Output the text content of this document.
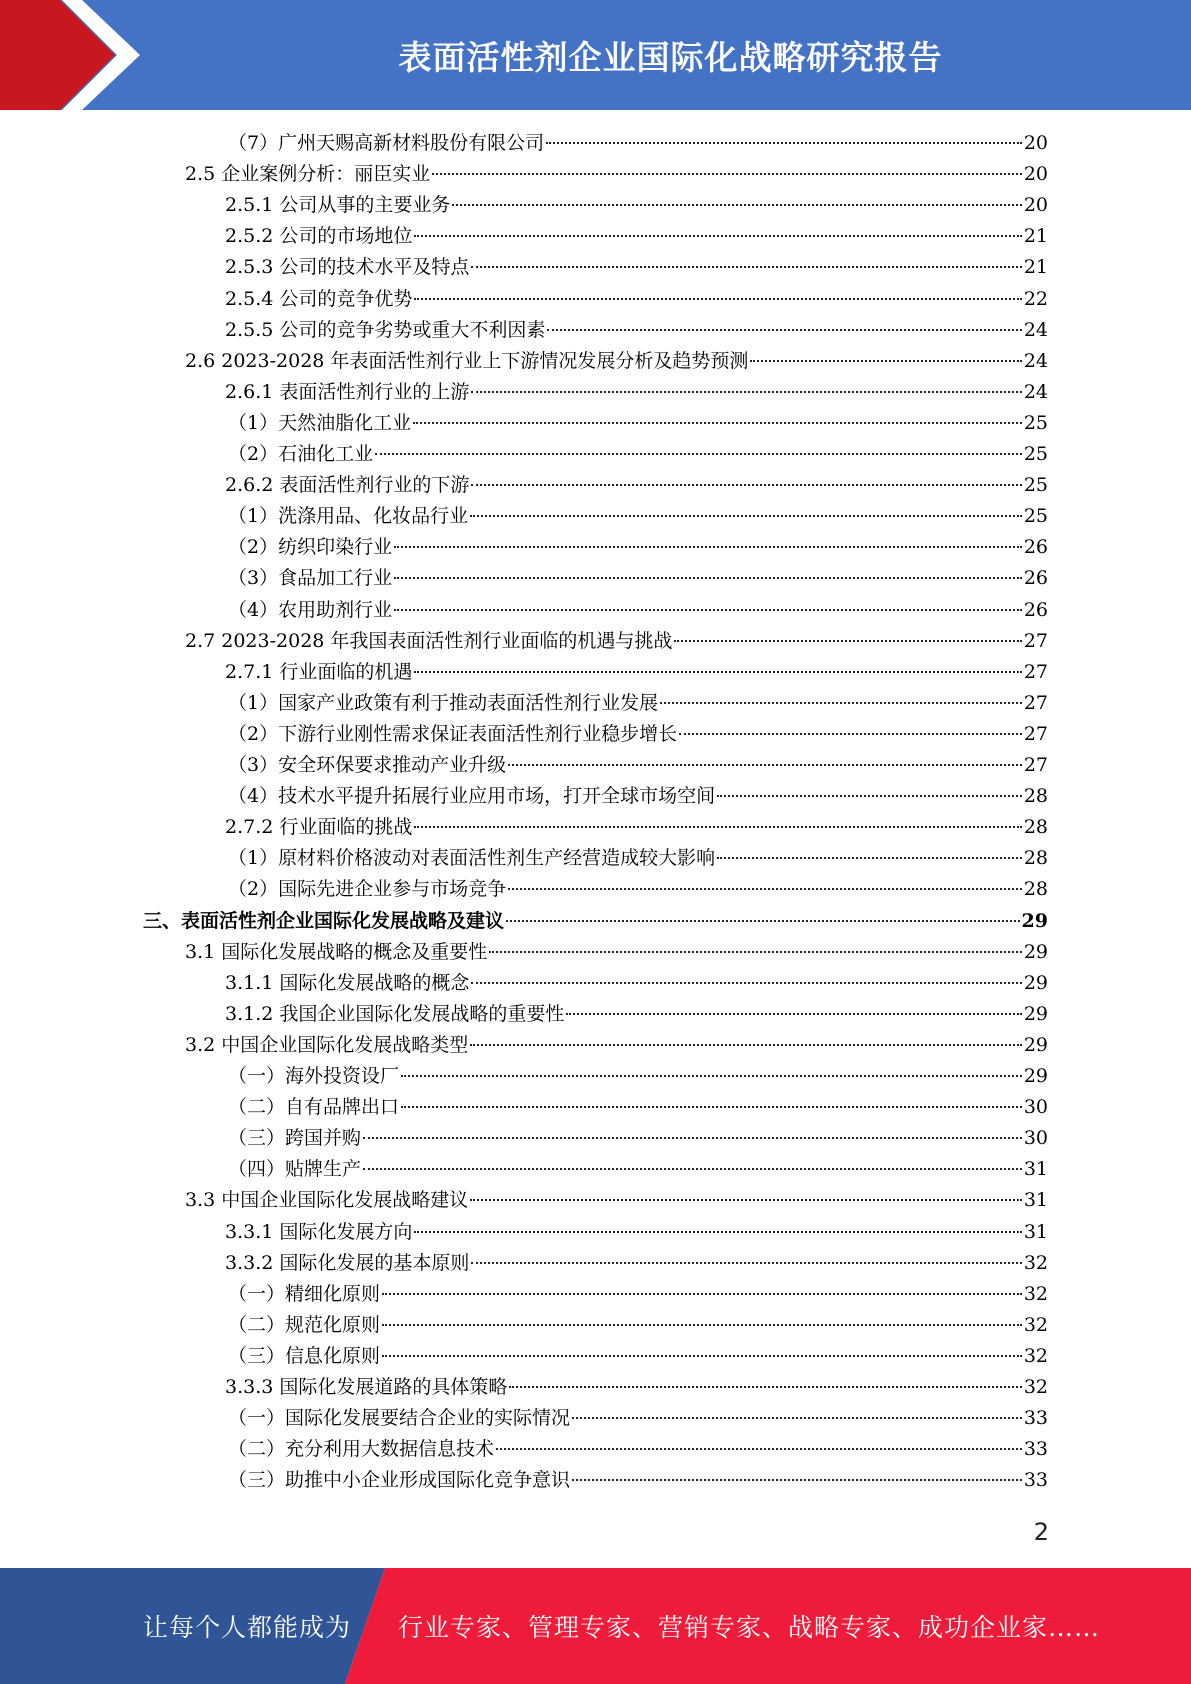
表面活性剂企业国际化战略研究报告
（7）广州天赐高新材料股份有限公司	20
2.5 企业案例分析：丽臣实业	20
2.5.1 公司从事的主要业务	20
2.5.2 公司的市场地位	21
2.5.3 公司的技术水平及特点	21
2.5.4 公司的竞争优势	22
2.5.5 公司的竞争劣势或重大不利因素	24
2.6 2023-2028 年表面活性剂行业上下游情况发展分析及趋势预测	24
2.6.1 表面活性剂行业的上游	24
（1）天然油脂化工业	25
（2）石油化工业	25
2.6.2 表面活性剂行业的下游	25
（1）洗涤用品、化妆品行业	25
（2）纺织印染行业	26
（3）食品加工行业	26
（4）农用助剂行业	26
2.7 2023-2028 年我国表面活性剂行业面临的机遇与挑战	27
2.7.1 行业面临的机遇	27
（1）国家产业政策有利于推动表面活性剂行业发展	27
（2）下游行业刚性需求保证表面活性剂行业稳步增长	27
（3）安全环保要求推动产业升级	27
（4）技术水平提升拓展行业应用市场，打开全球市场空间	28
2.7.2 行业面临的挑战	28
（1）原材料价格波动对表面活性剂生产经营造成较大影响	28
（2）国际先进企业参与市场竞争	28
三、表面活性剂企业国际化发展战略及建议	29
3.1 国际化发展战略的概念及重要性	29
3.1.1 国际化发展战略的概念	29
3.1.2 我国企业国际化发展战略的重要性	29
3.2 中国企业国际化发展战略类型	29
（一）海外投资设厂	29
（二）自有品牌出口	30
（三）跨国并购	30
（四）贴牌生产	31
3.3 中国企业国际化发展战略建议	31
3.3.1 国际化发展方向	31
3.3.2 国际化发展的基本原则	32
（一）精细化原则	32
（二）规范化原则	32
（三）信息化原则	32
3.3.3 国际化发展道路的具体策略	32
（一）国际化发展要结合企业的实际情况	33
（二）充分利用大数据信息技术	33
（三）助推中小企业形成国际化竞争意识	33
2
让每个人都能成为 行业专家、管理专家、营销专家、战略专家、成功企业家……
